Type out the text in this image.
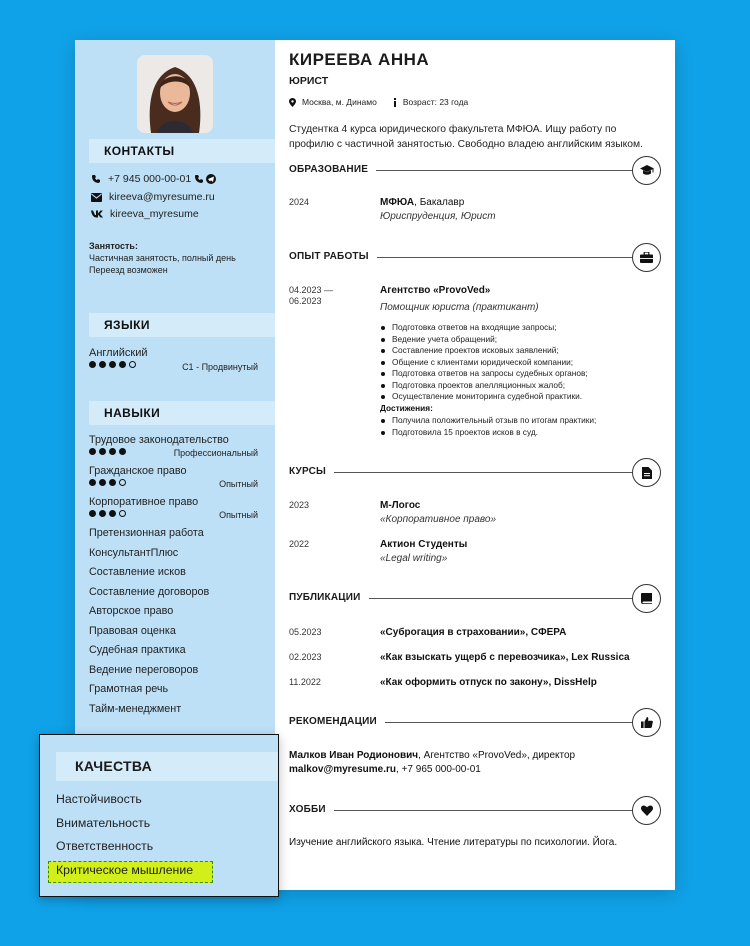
КОНТАКТЫ
+7 945 000-00-01
kireeva@myresume.ru
kireeva_myresume
Занятость:
Частичная занятость, полный день
Переезд возможен
ЯЗЫКИ
Английский
C1 - Продвинутый
НАВЫКИ
Трудовое законодательство
Профессиональный
Гражданское право
Опытный
Корпоративное право
Опытный
Претензионная работа
КонсультантПлюс
Составление исков
Составление договоров
Авторское право
Правовая оценка
Судебная практика
Ведение переговоров
Грамотная речь
Тайм-менеджмент
КИРЕЕВА АННА
ЮРИСТ
Москва, м. Динамо	Возраст: 23 года
Студентка 4 курса юридического факультета МФЮА. Ищу работу по профилю с частичной занятостью. Свободно владею английским языком.
ОБРАЗОВАНИЕ
2024	МФЮА, Бакалавр
Юриспруденция, Юрист
ОПЫТ РАБОТЫ
04.2023 —
06.2023
Агентство «ProvoVed»
Помощник юриста (практикант)
Подготовка ответов на входящие запросы;
Ведение учета обращений;
Составление проектов исковых заявлений;
Общение с клиентами юридической компании;
Подготовка ответов на запросы судебных органов;
Подготовка проектов апелляционных жалоб;
Осуществление мониторинга судебной практики.
Достижения:
Получила положительный отзыв по итогам практики;
Подготовила 15 проектов исков в суд.
КУРСЫ
2023	М-Логос
«Корпоративное право»
2022	Актион Студенты
«Legal writing»
ПУБЛИКАЦИИ
05.2023	«Суброгация в страховании», СФЕРА
02.2023	«Как взыскать ущерб с перевозчика», Lex Russica
11.2022	«Как оформить отпуск по закону», DissHelp
РЕКОМЕНДАЦИИ
Малков Иван Родионович, Агентство «ProvoVed», директор
malkov@myresume.ru, +7 965 000-00-01
ХОББИ
Изучение английского языка. Чтение литературы по психологии. Йога.
КАЧЕСТВА
Настойчивость
Внимательность
Ответственность
Критическое мышление
